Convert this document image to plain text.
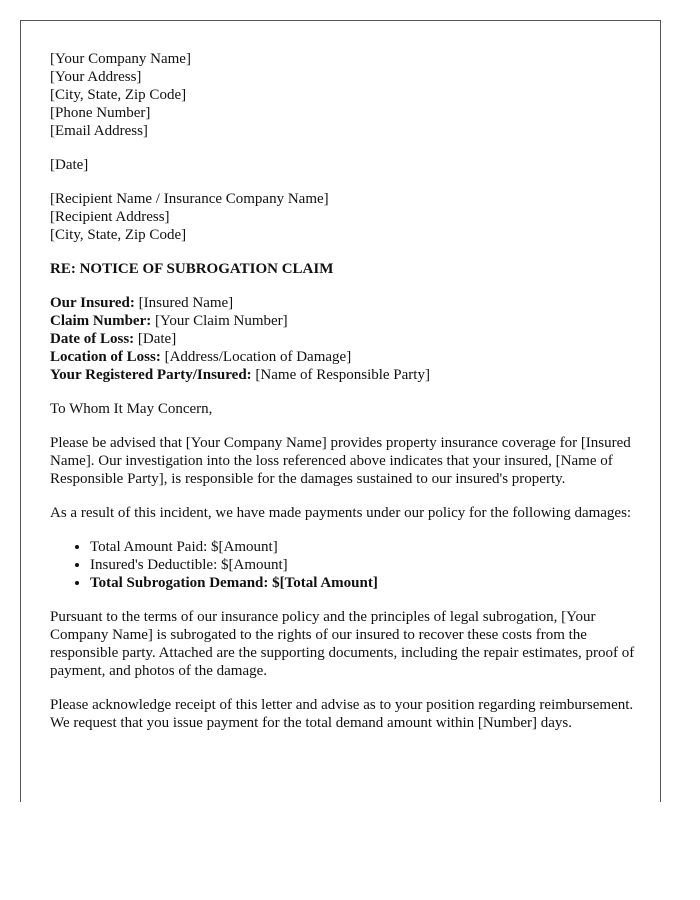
[Your Company Name]
[Your Address]
[City, State, Zip Code]
[Phone Number]
[Email Address]
[Date]
[Recipient Name / Insurance Company Name]
[Recipient Address]
[City, State, Zip Code]
RE: NOTICE OF SUBROGATION CLAIM
Our Insured: [Insured Name]
Claim Number: [Your Claim Number]
Date of Loss: [Date]
Location of Loss: [Address/Location of Damage]
Your Registered Party/Insured: [Name of Responsible Party]
To Whom It May Concern,

Please be advised that [Your Company Name] provides property insurance coverage for [Insured Name]. Our investigation into the loss referenced above indicates that your insured, [Name of Responsible Party], is responsible for the damages sustained to our insured's property.

As a result of this incident, we have made payments under our policy for the following damages:

• Total Amount Paid: $[Amount]
• Insured's Deductible: $[Amount]
• Total Subrogation Demand: $[Total Amount]

Pursuant to the terms of our insurance policy and the principles of legal subrogation, [Your Company Name] is subrogated to the rights of our insured to recover these costs from the responsible party. Attached are the supporting documents, including the repair estimates, proof of payment, and photos of the damage.

Please acknowledge receipt of this letter and advise as to your position regarding reimbursement. We request that you issue payment for the total demand amount within [Number] days.
